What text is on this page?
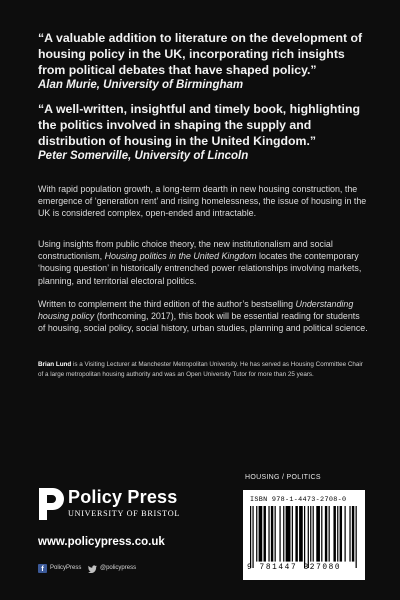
“A valuable addition to literature on the development of housing policy in the UK, incorporating rich insights from political debates that have shaped policy.”

Alan Murie, University of Birmingham

“A well-written, insightful and timely book, highlighting the politics involved in shaping the supply and distribution of housing in the United Kingdom.”

Peter Somerville, University of Lincoln

With rapid population growth, a long-term dearth in new housing construction, the emergence of ‘generation rent’ and rising homelessness, the issue of housing in the UK is considered complex, open-ended and intractable.

Using insights from public choice theory, the new institutionalism and social constructionism, Housing politics in the United Kingdom locates the contemporary ‘housing question’ in historically entrenched power relationships involving markets, planning, and territorial electoral politics.

Written to complement the third edition of the author’s bestselling Understanding housing policy (forthcoming, 2017), this book will be essential reading for students of housing, social policy, social history, urban studies, planning and political science.

Brian Lund is a Visiting Lecturer at Manchester Metropolitan University. He has served as Housing Committee Chair of a large metropolitan housing authority and was an Open University Tutor for more than 25 years.

Policy Press
UNIVERSITY OF BRISTOL

www.policypress.co.uk

f	PolicyPress	@policypress

HOUSING / POLITICS

ISBN 978-1-4473-2708-0

9 781447 327080
